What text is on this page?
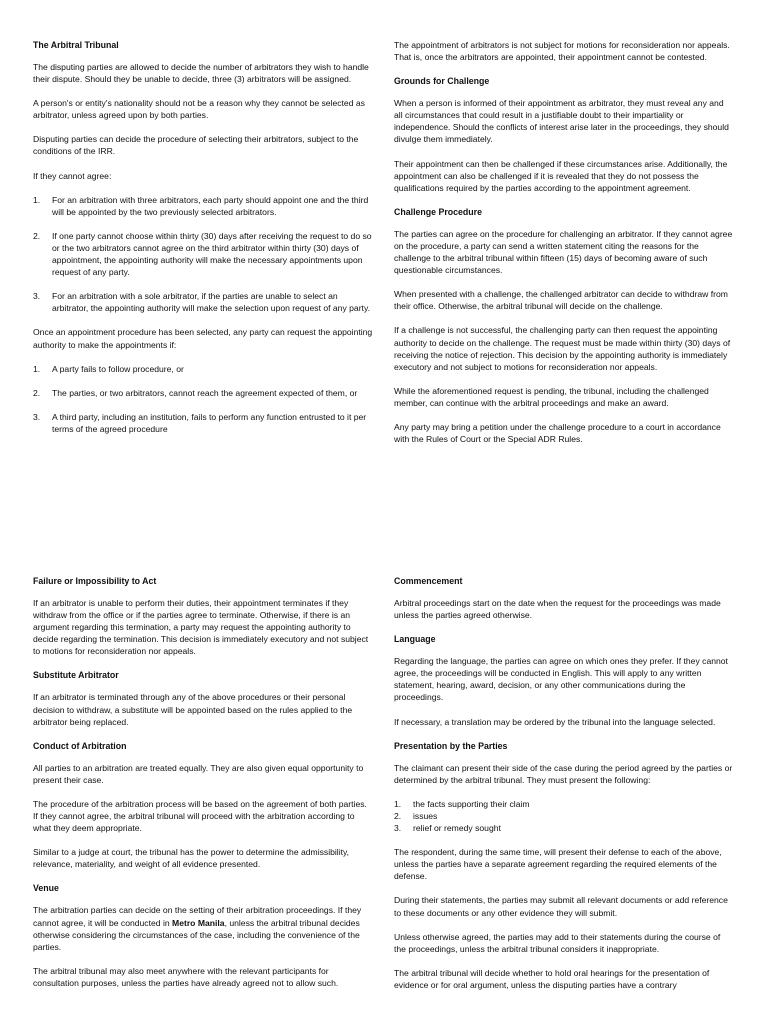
The Arbitral Tribunal

The disputing parties are allowed to decide the number of arbitrators they wish to handle their dispute. Should they be unable to decide, three (3) arbitrators will be assigned.

A person's or entity's nationality should not be a reason why they cannot be selected as arbitrator, unless agreed upon by both parties.

Disputing parties can decide the procedure of selecting their arbitrators, subject to the conditions of the IRR.

If they cannot agree:

1.	For an arbitration with three arbitrators, each party should appoint one and the third will be appointed by the two previously selected arbitrators.
2.	If one party cannot choose within thirty (30) days after receiving the request to do so or the two arbitrators cannot agree on the third arbitrator within thirty (30) days of appointment, the appointing authority will make the necessary appointments upon request of any party.
3.	For an arbitration with a sole arbitrator, if the parties are unable to select an arbitrator, the appointing authority will make the selection upon request of any party.

Once an appointment procedure has been selected, any party can request the appointing authority to make the appointments if:

1.	A party fails to follow procedure, or
2.	The parties, or two arbitrators, cannot reach the agreement expected of them, or
3.	A third party, including an institution, fails to perform any function entrusted to it per terms of the agreed procedure

The appointment of arbitrators is not subject for motions for reconsideration nor appeals. That is, once the arbitrators are appointed, their appointment cannot be contested.

Grounds for Challenge

When a person is informed of their appointment as arbitrator, they must reveal any and all circumstances that could result in a justifiable doubt to their impartiality or independence. Should the conflicts of interest arise later in the proceedings, they should divulge them immediately.

Their appointment can then be challenged if these circumstances arise. Additionally, the appointment can also be challenged if it is revealed that they do not possess the qualifications required by the parties according to the appointment agreement.

Challenge Procedure

The parties can agree on the procedure for challenging an arbitrator. If they cannot agree on the procedure, a party can send a written statement citing the reasons for the challenge to the arbitral tribunal within fifteen (15) days of becoming aware of such questionable circumstances.

When presented with a challenge, the challenged arbitrator can decide to withdraw from their office. Otherwise, the arbitral tribunal will decide on the challenge.

If a challenge is not successful, the challenging party can then request the appointing authority to decide on the challenge. The request must be made within thirty (30) days of receiving the notice of rejection. This decision by the appointing authority is immediately executory and not subject to motions for reconsideration nor appeals.

While the aforementioned request is pending, the tribunal, including the challenged member, can continue with the arbitral proceedings and make an award.

Any party may bring a petition under the challenge procedure to a court in accordance with the Rules of Court or the Special ADR Rules.

Failure or Impossibility to Act

If an arbitrator is unable to perform their duties, their appointment terminates if they withdraw from the office or if the parties agree to terminate. Otherwise, if there is an argument regarding this termination, a party may request the appointing authority to decide regarding the termination. This decision is immediately executory and not subject to motions for reconsideration nor appeals.

Substitute Arbitrator

If an arbitrator is terminated through any of the above procedures or their personal decision to withdraw, a substitute will be appointed based on the rules applied to the arbitrator being replaced.

Conduct of Arbitration

All parties to an arbitration are treated equally. They are also given equal opportunity to present their case.

The procedure of the arbitration process will be based on the agreement of both parties. If they cannot agree, the arbitral tribunal will proceed with the arbitration according to what they deem appropriate.

Similar to a judge at court, the tribunal has the power to determine the admissibility, relevance, materiality, and weight of all evidence presented.

Venue

The arbitration parties can decide on the setting of their arbitration proceedings. If they cannot agree, it will be conducted in Metro Manila, unless the arbitral tribunal decides otherwise considering the circumstances of the case, including the convenience of the parties.

The arbitral tribunal may also meet anywhere with the relevant participants for consultation purposes, unless the parties have already agreed not to allow such.

Commencement

Arbitral proceedings start on the date when the request for the proceedings was made unless the parties agreed otherwise.

Language

Regarding the language, the parties can agree on which ones they prefer. If they cannot agree, the proceedings will be conducted in English. This will apply to any written statement, hearing, award, decision, or any other communications during the proceedings.

If necessary, a translation may be ordered by the tribunal into the language selected.

Presentation by the Parties

The claimant can present their side of the case during the period agreed by the parties or determined by the arbitral tribunal. They must present the following:

1.	the facts supporting their claim
2.	issues
3.	relief or remedy sought

The respondent, during the same time, will present their defense to each of the above, unless the parties have a separate agreement regarding the required elements of the defense.

During their statements, the parties may submit all relevant documents or add reference to these documents or any other evidence they will submit.

Unless otherwise agreed, the parties may add to their statements during the course of the proceedings, unless the arbitral tribunal considers it inappropriate.

The arbitral tribunal will decide whether to hold oral hearings for the presentation of evidence or for oral argument, unless the disputing parties have a contrary
